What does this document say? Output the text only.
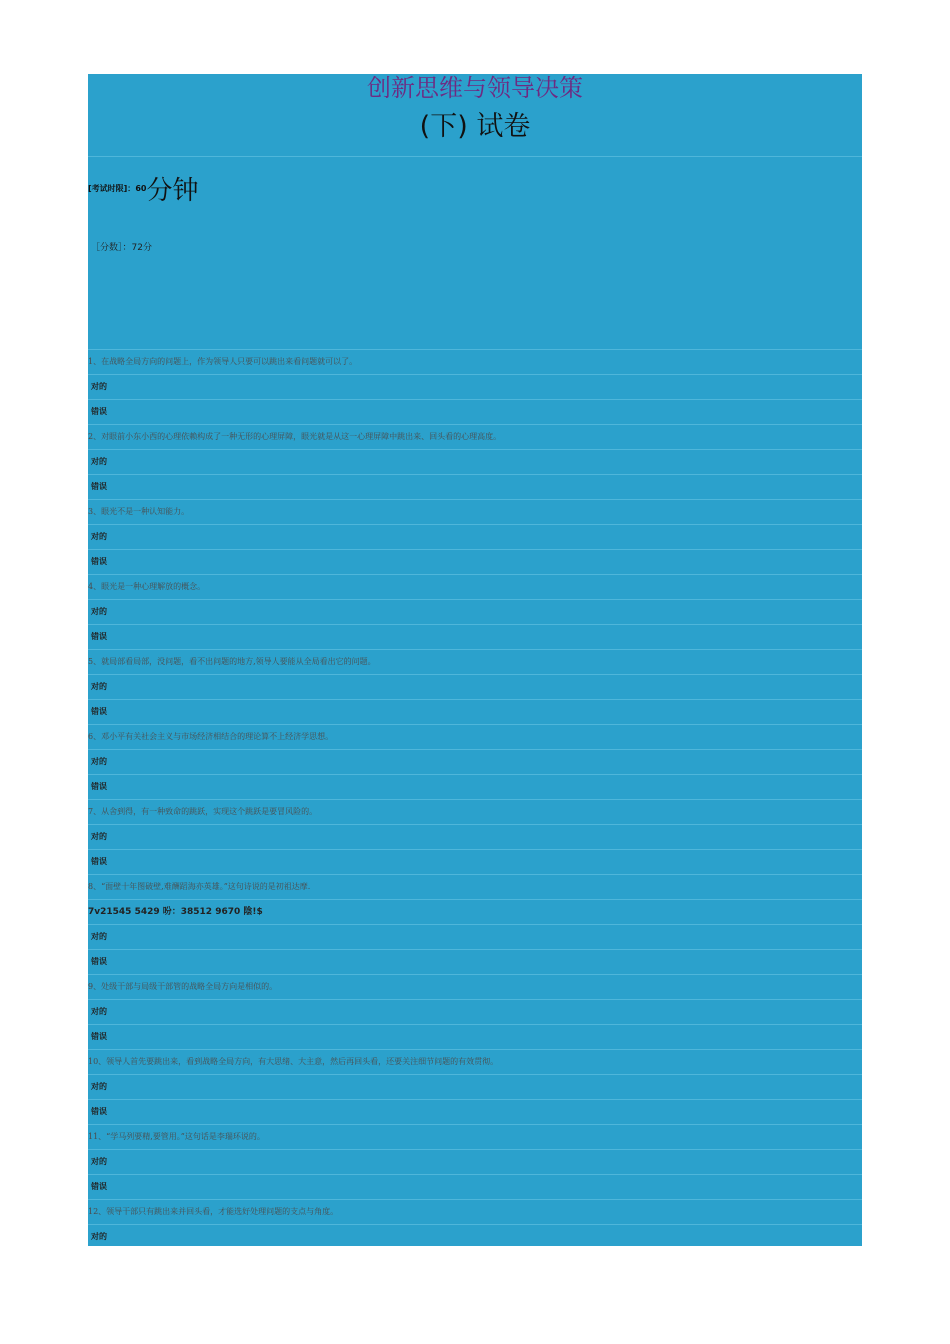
创新思维与领导决策
(下) 试卷
[考试时限]：60分钟
［分数］：72分
1、在战略全局方向的问题上，作为领导人只要可以跳出来看问题就可以了。
对的
错误
2、对眼前小东小西的心理依赖构成了一种无形的心理屏障，眼光就是从这一心理屏障中跳出来、回头看的心理高度。
对的
错误
3、眼光不是一种认知能力。
对的
错误
4、眼光是一种心理解放的概念。
对的
错误
5、就局部看局部，没问题，看不出问题的地方,领导人要能从全局看出它的问题。
对的
错误
6、邓小平有关社会主义与市场经济相结合的理论算不上经济学思想。
对的
错误
7、从舍到得，有一种致命的跳跃，实现这个跳跃是要冒风险的。
对的
错误
8、“面壁十年图破壁,难酬蹈海亦英雄。”这句诗说的是初祖达摩.
7v21545 5429 吩：38512 9670 陰!$
对的
错误
9、处级干部与局级干部管的战略全局方向是相似的。
对的
错误
10、领导人首先要跳出来，看到战略全局方向，有大思绪、大主意，然后再回头看，还要关注细节问题的有效贯彻。
对的
错误
11、“学马列要精,要管用。”这句话是李瑞环说的。
对的
错误
12、领导干部只有跳出来并回头看，才能选好处理问题的支点与角度。
对的
